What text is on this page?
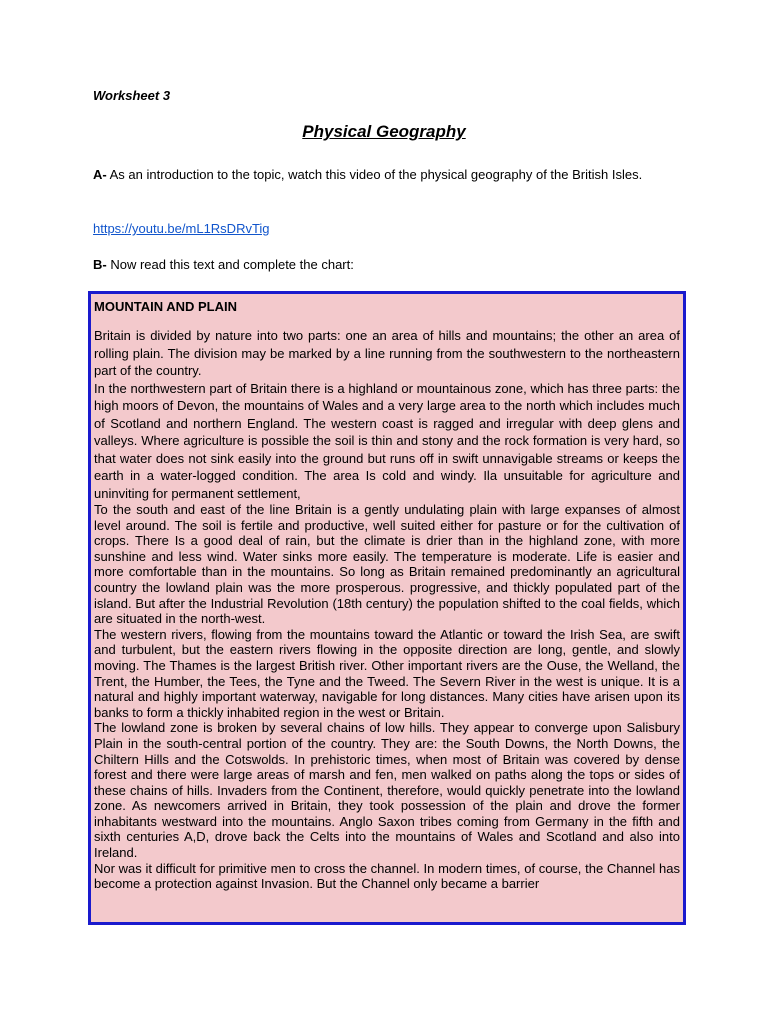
Worksheet 3
Physical Geography
A- As an introduction to the topic, watch this video of the physical geography of the British Isles.
https://youtu.be/mL1RsDRvTig
B- Now read this text and complete the chart:
MOUNTAIN AND PLAIN

Britain is divided by nature into two parts: one an area of hills and mountains; the other an area of rolling plain. The division may be marked by a line running from the southwestern to the northeastern part of the country.

In the northwestern part of Britain there is a highland or mountainous zone, which has three parts: the high moors of Devon, the mountains of Wales and a very large area to the north which includes much of Scotland and northern England. The western coast is ragged and irregular with deep glens and valleys. Where agriculture is possible the soil is thin and stony and the rock formation is very hard, so that water does not sink easily into the ground but runs off in swift unnavigable streams or keeps the earth in a water-logged condition. The area Is cold and windy. Ila unsuitable for agriculture and uninviting for permanent settlement,

To the south and east of the line Britain is a gently undulating plain with large expanses of almost level around. The soil is fertile and productive, well suited either for pasture or for the cultivation of crops. There Is a good deal of rain, but the climate is drier than in the highland zone, with more sunshine and less wind. Water sinks more easily. The temperature is moderate. Life is easier and more comfortable than in the mountains. So long as Britain remained predominantly an agricultural country the lowland plain was the more prosperous. progressive, and thickly populated part of the island. But after the Industrial Revolution (18th century) the population shifted to the coal fields, which are situated in the north-west.

The western rivers, flowing from the mountains toward the Atlantic or toward the Irish Sea, are swift and turbulent, but the eastern rivers flowing in the opposite direction are long, gentle, and slowly moving. The Thames is the largest British river. Other important rivers are the Ouse, the Welland, the Trent, the Humber, the Tees, the Tyne and the Tweed. The Severn River in the west is unique. It is a natural and highly important waterway, navigable for long distances. Many cities have arisen upon its banks to form a thickly inhabited region in the west or Britain.

The lowland zone is broken by several chains of low hills. They appear to converge upon Salisbury Plain in the south-central portion of the country. They are: the South Downs, the North Downs, the Chiltern Hills and the Cotswolds. In prehistoric times, when most of Britain was covered by dense forest and there were large areas of marsh and fen, men walked on paths along the tops or sides of these chains of hills. Invaders from the Continent, therefore, would quickly penetrate into the lowland zone. As newcomers arrived in Britain, they took possession of the plain and drove the former inhabitants westward into the mountains. Anglo Saxon tribes coming from Germany in the fifth and sixth centuries A,D, drove back the Celts into the mountains of Wales and Scotland and also into Ireland.

Nor was it difficult for primitive men to cross the channel. In modern times, of course, the Channel has become a protection against Invasion. But the Channel only became a barrier
